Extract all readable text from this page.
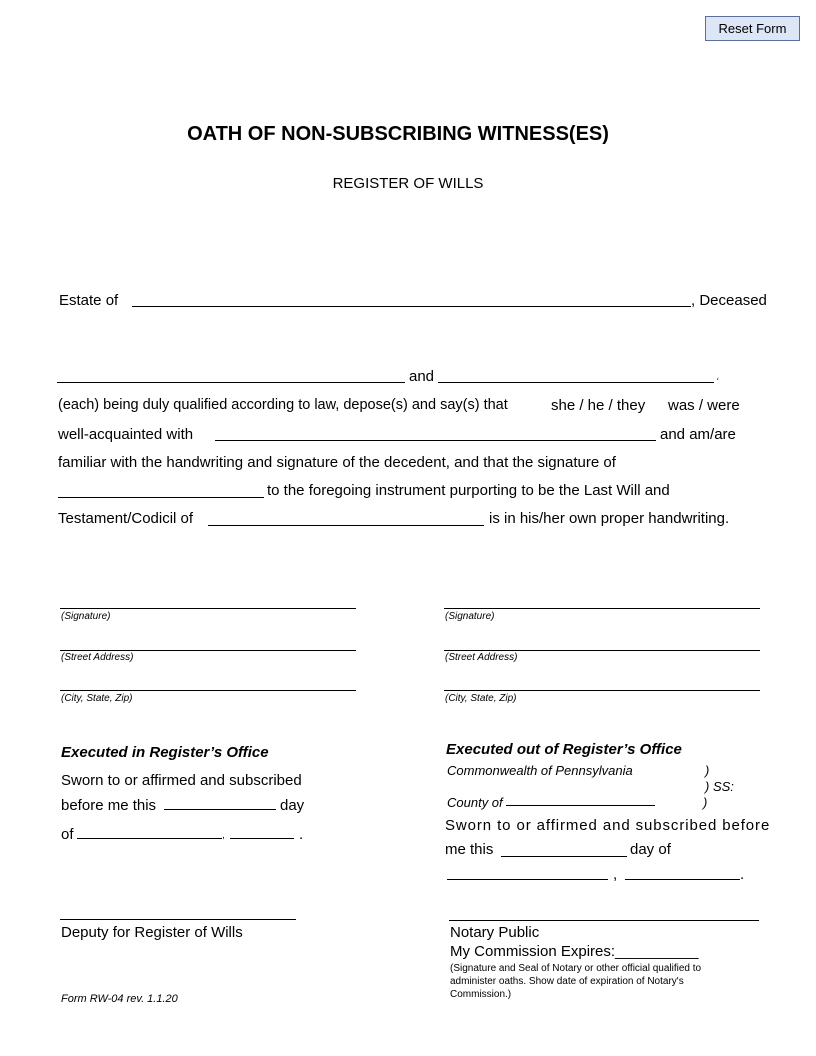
Reset Form
OATH OF NON-SUBSCRIBING WITNESS(ES)
REGISTER OF WILLS
Estate of	, Deceased
and	،
(each) being duly qualified according to law, depose(s) and say(s) that	she / he / they was / were
well-acquainted with	and am/are
familiar with the handwriting and signature of the decedent, and that the signature of
to the foregoing instrument purporting to be the Last Will and
Testament/Codicil of	is in his/her own proper handwriting.
(Signature)
(Street Address)
(City, State, Zip)
(Signature)
(Street Address)
(City, State, Zip)
Executed in Register’s Office
Sworn to or affirmed and subscribed
before me this	day
of	,	.
Deputy for Register of Wills
Executed out of Register’s Office
Commonwealth of Pennsylvania	)
) SS:
County of	)
Sworn to or affirmed and subscribed before
me this	day of
,	.
Notary Public
My Commission Expires:__________
(Signature and Seal of Notary or other official qualified to administer oaths. Show date of expiration of Notary's Commission.)
Form RW-04 rev. 1.1.20
